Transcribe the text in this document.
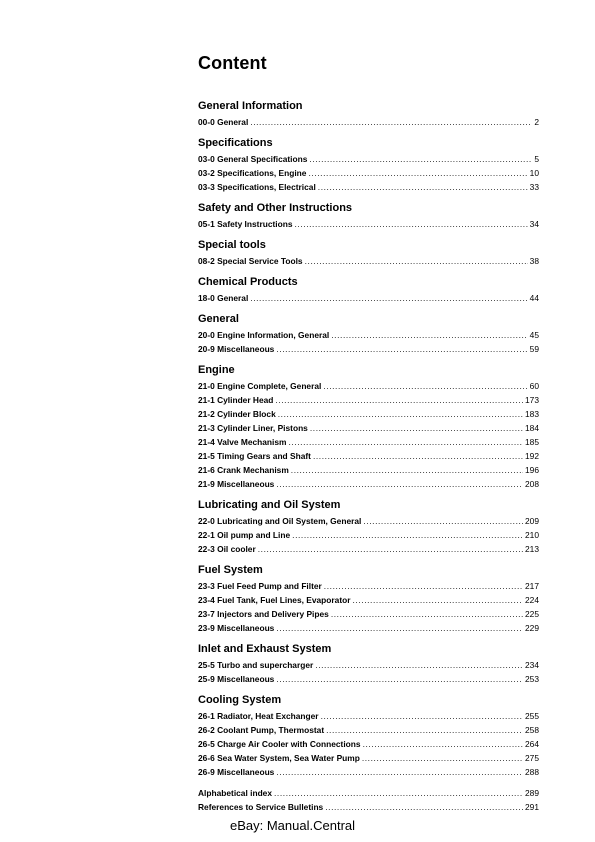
Content
General Information
00-0 General .....	2
Specifications
03-0 General Specifications .....	5
03-2 Specifications, Engine .....	10
03-3 Specifications, Electrical .....	33
Safety and Other Instructions
05-1 Safety Instructions .....	34
Special tools
08-2 Special Service Tools .....	38
Chemical Products
18-0 General .....	44
General
20-0 Engine Information, General .....	45
20-9 Miscellaneous .....	59
Engine
21-0 Engine Complete, General .....	60
21-1 Cylinder Head .....	173
21-2 Cylinder Block .....	183
21-3 Cylinder Liner, Pistons .....	184
21-4 Valve Mechanism .....	185
21-5 Timing Gears and Shaft .....	192
21-6 Crank Mechanism .....	196
21-9 Miscellaneous .....	208
Lubricating and Oil System
22-0 Lubricating and Oil System, General .....	209
22-1 Oil pump and Line .....	210
22-3 Oil cooler .....	213
Fuel System
23-3 Fuel Feed Pump and Filter .....	217
23-4 Fuel Tank, Fuel Lines, Evaporator .....	224
23-7 Injectors and Delivery Pipes .....	225
23-9 Miscellaneous .....	229
Inlet and Exhaust System
25-5 Turbo and supercharger .....	234
25-9 Miscellaneous .....	253
Cooling System
26-1 Radiator, Heat Exchanger .....	255
26-2 Coolant Pump, Thermostat .....	258
26-5 Charge Air Cooler with Connections .....	264
26-6 Sea Water System, Sea Water Pump .....	275
26-9 Miscellaneous .....	288
Alphabetical index .....	289
References to Service Bulletins .....	291
eBay: Manual.Central
